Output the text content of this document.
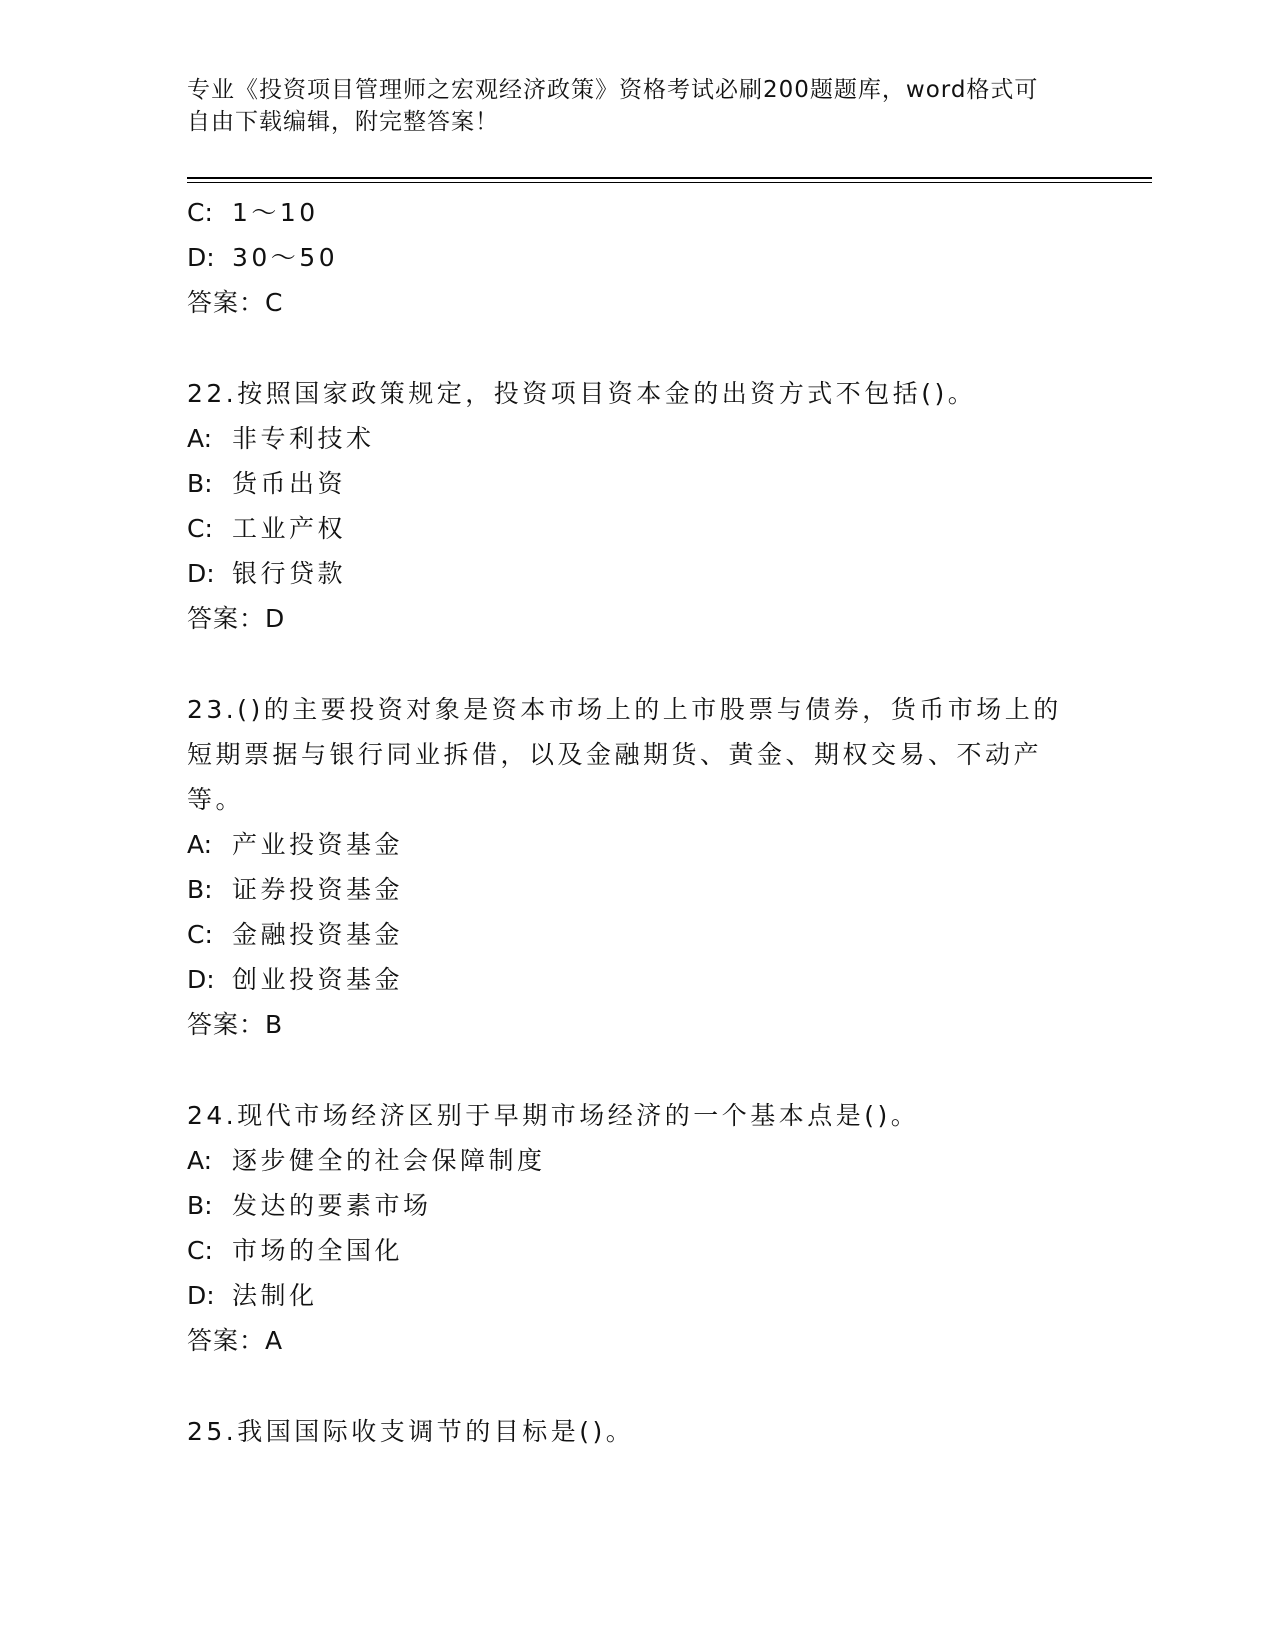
专业《投资项目管理师之宏观经济政策》资格考试必刷200题题库，word格式可
自由下载编辑，附完整答案！
C: 1～10
D: 30～50
答案：C
22.按照国家政策规定，投资项目资本金的出资方式不包括()。
A: 非专利技术
B: 货币出资
C: 工业产权
D: 银行贷款
答案：D
23.()的主要投资对象是资本市场上的上市股票与债券，货币市场上的
短期票据与银行同业拆借，以及金融期货、黄金、期权交易、不动产
等。
A: 产业投资基金
B: 证券投资基金
C: 金融投资基金
D: 创业投资基金
答案：B
24.现代市场经济区别于早期市场经济的一个基本点是()。
A: 逐步健全的社会保障制度
B: 发达的要素市场
C: 市场的全国化
D: 法制化
答案：A
25.我国国际收支调节的目标是()。
